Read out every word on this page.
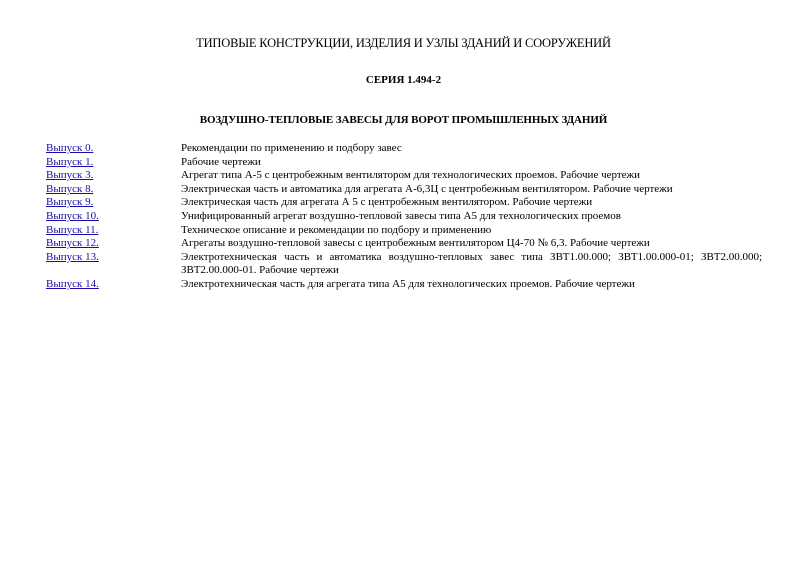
ТИПОВЫЕ КОНСТРУКЦИИ, ИЗДЕЛИЯ И УЗЛЫ ЗДАНИЙ И СООРУЖЕНИЙ
СЕРИЯ 1.494-2
ВОЗДУШНО-ТЕПЛОВЫЕ ЗАВЕСЫ ДЛЯ ВОРОТ ПРОМЫШЛЕННЫХ ЗДАНИЙ
Выпуск 0.	Рекомендации по применению и подбору завес
Выпуск 1.	Рабочие чертежи
Выпуск 3.	Агрегат типа А-5 с центробежным вентилятором для технологических проемов. Рабочие чертежи
Выпуск 8.	Электрическая часть и автоматика для агрегата А-6,3Ц с центробежным вентилятором. Рабочие чертежи
Выпуск 9.	Электрическая часть для агрегата А 5 с центробежным вентилятором. Рабочие чертежи
Выпуск 10.	Унифицированный агрегат воздушно-тепловой завесы типа А5 для технологических проемов
Выпуск 11.	Техническое описание и рекомендации по подбору и применению
Выпуск 12.	Агрегаты воздушно-тепловой завесы с центробежным вентилятором Ц4-70 № 6,3. Рабочие чертежи
Выпуск 13.	Электротехническая часть и автоматика воздушно-тепловых завес типа ЗВТ1.00.000; ЗВТ1.00.000-01; ЗВТ2.00.000; ЗВТ2.00.000-01. Рабочие чертежи
Выпуск 14.	Электротехническая часть для агрегата типа А5 для технологических проемов. Рабочие чертежи
